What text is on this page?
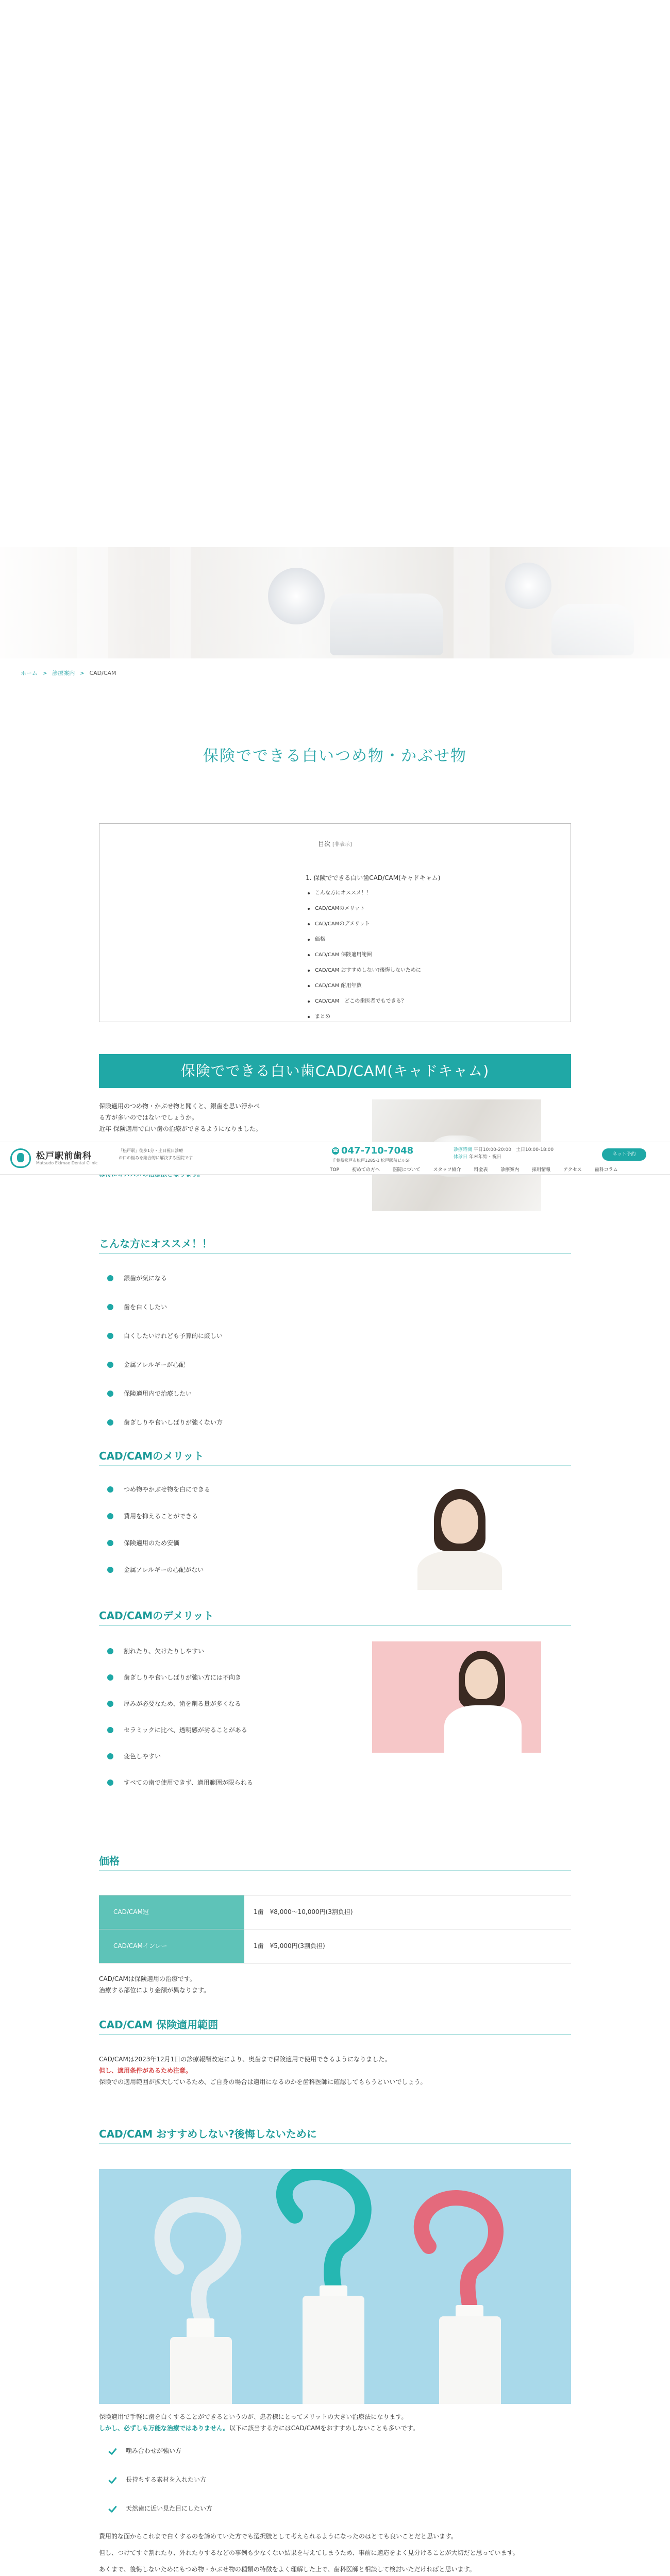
ホーム > 診療案内 > CAD/CAM
保険でできる白いつめ物・かぶせ物
目次 [非表示]
1. 保険でできる白い歯CAD/CAM(キャドキャム)
こんな方にオススメ！！
CAD/CAMのメリット
CAD/CAMのデメリット
価格
CAD/CAM 保険適用範囲
CAD/CAM おすすめしない?後悔しないために
CAD/CAM 耐用年数
CAD/CAM　どこの歯医者でもできる？
まとめ
保険でできる白い歯CAD/CAM(キャドキャム)
保険適用のつめ物・かぶせ物と聞くと、銀歯を思い浮かべ
る方が多いのではないでしょうか。
近年 保険適用で白い歯の治療ができるようになりました。
松戸駅前歯科
Matsudo Ekimae Dental Clinic
「松戸駅」徒歩1分・土日祝日診療
お口の悩みを総合的に解決する医院です
☎ 047-710-7048
千葉県松戸市松戸1285-1 松戸駅前ビル5F
診療時間 平日10:00-20:00　土日10:00-18:00
休診日 年末年始・祝日	ネット予約
TOP	初めての方へ	医院について	スタッフ紹介	料金表	診療案内	採用情報	アクセス	歯科コラム
こんな方にオススメ！！
銀歯が気になる
歯を白くしたい
白くしたいけれども予算的に厳しい
金属アレルギーが心配
保険適用内で治療したい
歯ぎしりや食いしばりが強くない方
CAD/CAMのメリット
つめ物やかぶせ物を白にできる
費用を抑えることができる
保険適用のため安価
金属アレルギーの心配がない
CAD/CAMのデメリット
割れたり、欠けたりしやすい
歯ぎしりや食いしばりが強い方には不向き
厚みが必要なため、歯を削る量が多くなる
セラミックに比べ、透明感が劣ることがある
変色しやすい
すべての歯で使用できず、適用範囲が限られる
価格
CAD/CAM冠	1歯　¥8,000〜10,000円(3割負担)
CAD/CAMインレー	1歯　¥5,000円(3割負担)
CAD/CAMは保険適用の治療です。
治療する部位により金額が異なります。
CAD/CAM 保険適用範囲
CAD/CAMは2023年12月1日の診療報酬改定により、奥歯まで保険適用で使用できるようになりました。
但し、適用条件があるため注意。
保険での適用範囲が拡大しているため、ご自身の場合は適用になるのかを歯科医師に確認してもらうといいでしょう。
CAD/CAM おすすめしない?後悔しないために
保険適用で手軽に歯を白くすることができるというのが、患者様にとってメリットの大きい治療法になります。
しかし、必ずしも万能な治療ではありません。以下に該当する方にはCAD/CAMをおすすめしないことも多いです。
噛み合わせが強い方
長持ちする素材を入れたい方
天然歯に近い見た目にしたい方
費用的な面からこれまで白くするのを諦めていた方でも選択肢として考えられるようになったのはとても良いことだと思います。
但し、つけてすぐ割れたり、外れたりするなどの事例も少なくない結果を与えてしまうため、事前に適応をよく見分けることが大切だと思っています。
あくまで、後悔しないためにもつめ物・かぶせ物の種類の特徴をよく理解した上で、歯科医師と相談して検討いただければと思います。
